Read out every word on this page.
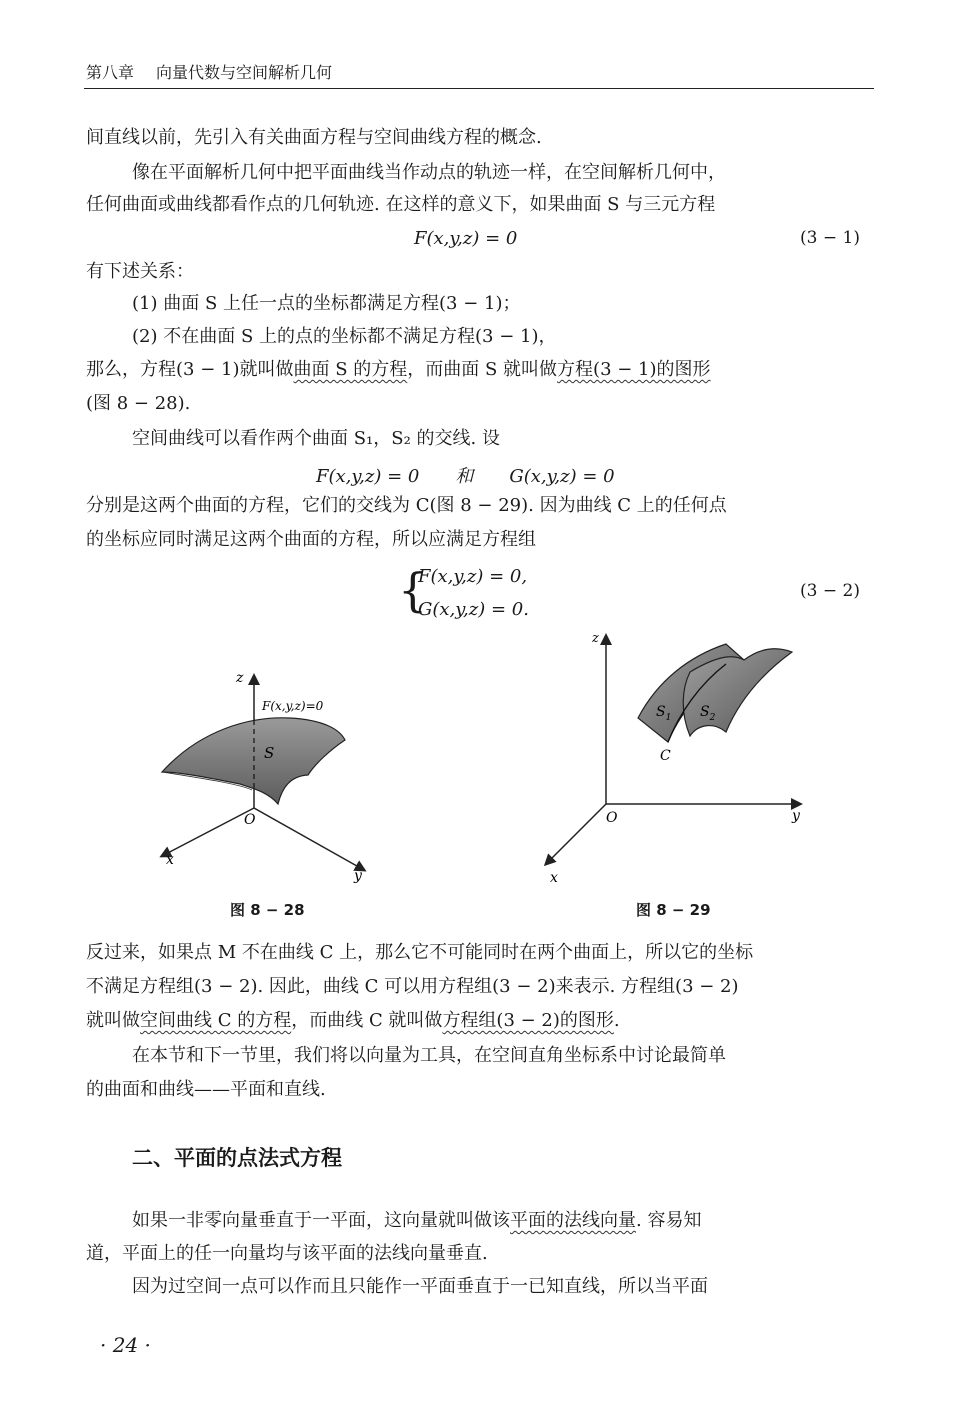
第八章 向量代数与空间解析几何
间直线以前，先引入有关曲面方程与空间曲线方程的概念.
像在平面解析几何中把平面曲线当作动点的轨迹一样，在空间解析几何中，
任何曲面或曲线都看作点的几何轨迹. 在这样的意义下，如果曲面 S 与三元方程
F(x,y,z) = 0	(3 − 1)
有下述关系：
(1) 曲面 S 上任一点的坐标都满足方程(3 − 1)；
(2) 不在曲面 S 上的点的坐标都不满足方程(3 − 1)，
那么，方程(3 − 1)就叫做曲面 S 的方程，而曲面 S 就叫做方程(3 − 1)的图形
(图 8 − 28).
空间曲线可以看作两个曲面 S₁，S₂ 的交线. 设
F(x,y,z) = 0　　和　　G(x,y,z) = 0
分别是这两个曲面的方程，它们的交线为 C(图 8 − 29). 因为曲线 C 上的任何点
的坐标应同时满足这两个曲面的方程，所以应满足方程组
{
F(x,y,z) = 0,
G(x,y,z) = 0.
(3 − 2)
z
F(x,y,z)=0
S
O
x
y
图 8 − 28
z
$S_1$ $S_2$
C
O
x
y
图 8 − 29
反过来，如果点 M 不在曲线 C 上，那么它不可能同时在两个曲面上，所以它的坐标
不满足方程组(3 − 2). 因此，曲线 C 可以用方程组(3 − 2)来表示. 方程组(3 − 2)
就叫做空间曲线 C 的方程，而曲线 C 就叫做方程组(3 − 2)的图形.
在本节和下一节里，我们将以向量为工具，在空间直角坐标系中讨论最简单
的曲面和曲线——平面和直线.
二、平面的点法式方程
如果一非零向量垂直于一平面，这向量就叫做该平面的法线向量. 容易知
道，平面上的任一向量均与该平面的法线向量垂直.
因为过空间一点可以作而且只能作一平面垂直于一已知直线，所以当平面
· 24 ·
